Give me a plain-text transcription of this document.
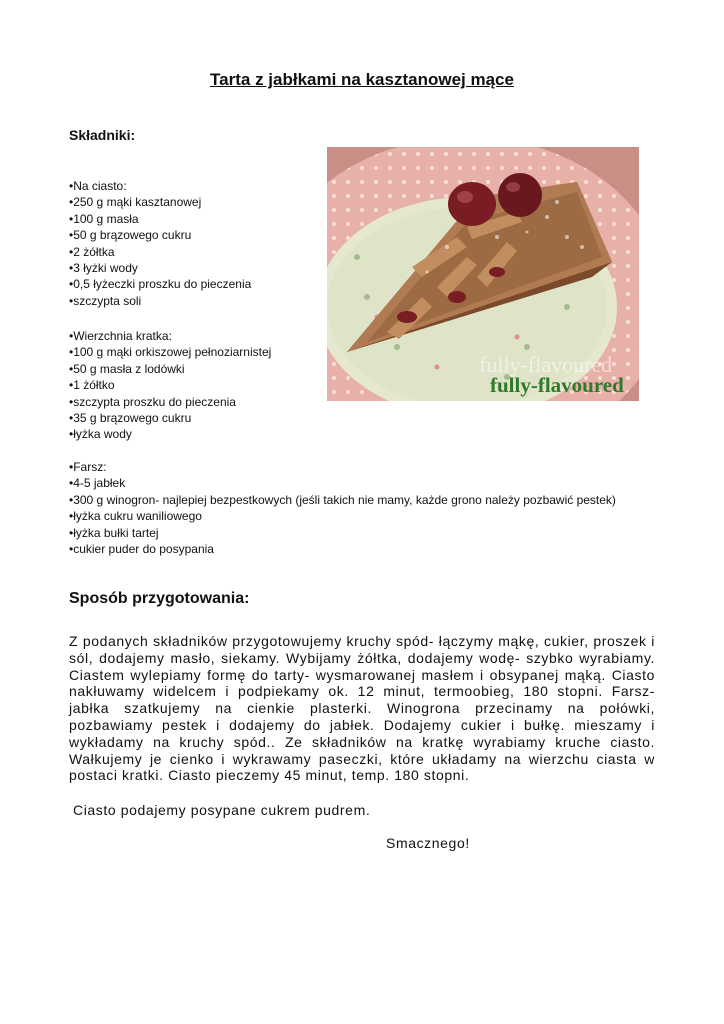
Tarta z jabłkami na kasztanowej mące
Składniki:
• Na ciasto:
• 250 g mąki kasztanowej
• 100 g masła
• 50 g brązowego cukru
• 2 żółtka
• 3 łyżki wody
• 0,5 łyżeczki proszku do pieczenia
• szczypta soli
• Wierzchnia kratka:
• 100 g mąki orkiszowej pełnoziarnistej
• 50 g masła z lodówki
• 1 żółtko
• szczypta proszku do pieczenia
• 35 g brązowego cukru
• łyżka wody
• Farsz:
• 4-5 jabłek
• 300 g winogron- najlepiej bezpestkowych (jeśli takich nie mamy, każde grono należy pozbawić pestek)
• łyżka cukru waniliowego
• łyżka bułki tartej
• cukier puder do posypania
fully-flavoured
fully-flavoured
Sposób przygotowania:

Z podanych składników przygotowujemy kruchy spód- łączymy mąkę, cukier, proszek i sól, dodajemy masło, siekamy. Wybijamy żółtka, dodajemy wodę- szybko wyrabiamy. Ciastem wylepiamy formę do tarty- wysmarowanej masłem i obsypanej mąką. Ciasto nakłuwamy widelcem i podpiekamy ok. 12 minut, termoobieg, 180 stopni. Farsz- jabłka szatkujemy na cienkie plasterki. Winogrona przecinamy na połówki, pozbawiamy pestek i dodajemy do jabłek. Dodajemy cukier i bułkę. mieszamy i wykładamy na kruchy spód.. Ze składników na kratkę wyrabiamy kruche ciasto. Wałkujemy je cienko i wykrawamy paseczki, które układamy na wierzchu ciasta w postaci kratki. Ciasto pieczemy 45 minut, temp. 180 stopni.

Ciasto podajemy posypane cukrem pudrem.

Smacznego!
